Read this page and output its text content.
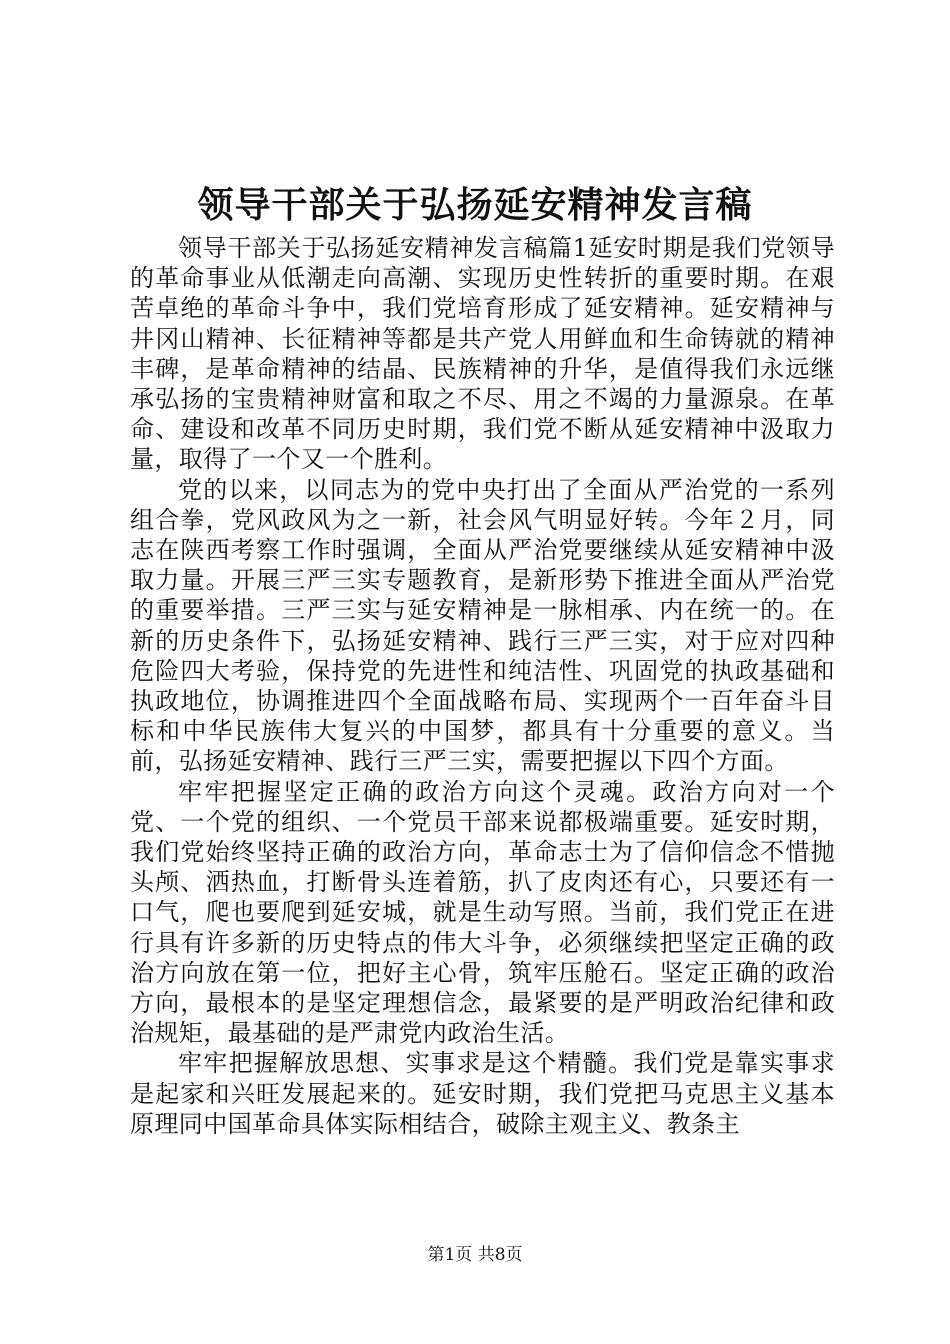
领导干部关于弘扬延安精神发言稿

领导干部关于弘扬延安精神发言稿篇1延安时期是我们党领导的革命事业从低潮走向高潮、实现历史性转折的重要时期。在艰苦卓绝的革命斗争中，我们党培育形成了延安精神。延安精神与井冈山精神、长征精神等都是共产党人用鲜血和生命铸就的精神丰碑，是革命精神的结晶、民族精神的升华，是值得我们永远继承弘扬的宝贵精神财富和取之不尽、用之不竭的力量源泉。在革命、建设和改革不同历史时期，我们党不断从延安精神中汲取力量，取得了一个又一个胜利。

党的以来，以同志为的党中央打出了全面从严治党的一系列组合拳，党风政风为之一新，社会风气明显好转。今年２月，同志在陕西考察工作时强调，全面从严治党要继续从延安精神中汲取力量。开展三严三实专题教育，是新形势下推进全面从严治党的重要举措。三严三实与延安精神是一脉相承、内在统一的。在新的历史条件下，弘扬延安精神、践行三严三实，对于应对四种危险四大考验，保持党的先进性和纯洁性、巩固党的执政基础和执政地位，协调推进四个全面战略布局、实现两个一百年奋斗目标和中华民族伟大复兴的中国梦，都具有十分重要的意义。当前，弘扬延安精神、践行三严三实，需要把握以下四个方面。

牢牢把握坚定正确的政治方向这个灵魂。政治方向对一个党、一个党的组织、一个党员干部来说都极端重要。延安时期，我们党始终坚持正确的政治方向，革命志士为了信仰信念不惜抛头颅、洒热血，打断骨头连着筋，扒了皮肉还有心，只要还有一口气，爬也要爬到延安城，就是生动写照。当前，我们党正在进行具有许多新的历史特点的伟大斗争，必须继续把坚定正确的政治方向放在第一位，把好主心骨，筑牢压舱石。坚定正确的政治方向，最根本的是坚定理想信念，最紧要的是严明政治纪律和政治规矩，最基础的是严肃党内政治生活。

牢牢把握解放思想、实事求是这个精髓。我们党是靠实事求是起家和兴旺发展起来的。延安时期，我们党把马克思主义基本原理同中国革命具体实际相结合，破除主观主义、教条主

第1页 共8页
